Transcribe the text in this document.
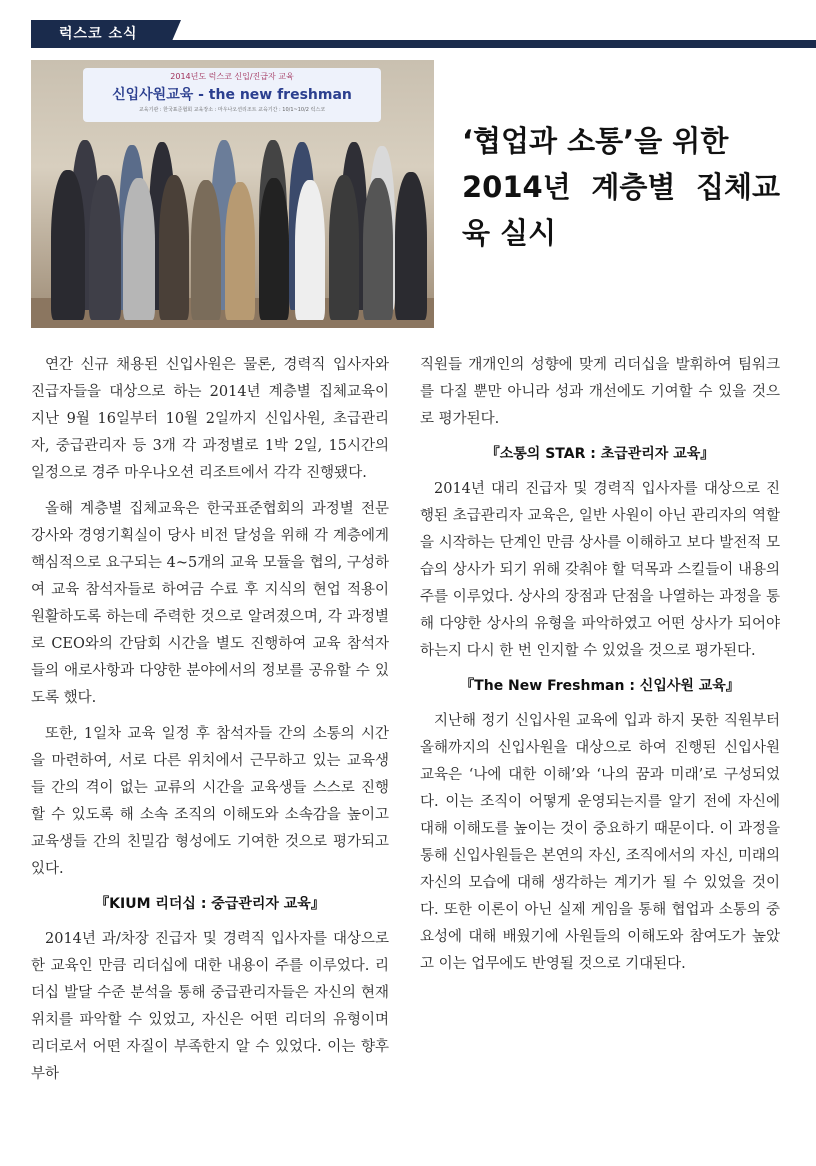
럭스코 소식
2014년도 럭스코 신입/진급자 교육
신입사원교육 - the new freshman
교육기관 : 한국표준협회 교육장소 : 마우나오션리조트 교육기간 : 10/1~10/2 럭스코
‘협업과 소통’을 위한
2014년 계층별 집체교육 실시

연간 신규 채용된 신입사원은 물론, 경력직 입사자와 진급자들을 대상으로 하는 2014년 계층별 집체교육이 지난 9월 16일부터 10월 2일까지 신입사원, 초급관리자, 중급관리자 등 3개 각 과정별로 1박 2일, 15시간의 일정으로 경주 마우나오션 리조트에서 각각 진행됐다.

올해 계층별 집체교육은 한국표준협회의 과정별 전문 강사와 경영기획실이 당사 비전 달성을 위해 각 계층에게 핵심적으로 요구되는 4~5개의 교육 모듈을 협의, 구성하여 교육 참석자들로 하여금 수료 후 지식의 현업 적용이 원활하도록 하는데 주력한 것으로 알려졌으며, 각 과정별로 CEO와의 간담회 시간을 별도 진행하여 교육 참석자들의 애로사항과 다양한 분야에서의 정보를 공유할 수 있도록 했다.

또한, 1일차 교육 일정 후 참석자들 간의 소통의 시간을 마련하여, 서로 다른 위치에서 근무하고 있는 교육생들 간의 격이 없는 교류의 시간을 교육생들 스스로 진행 할 수 있도록 해 소속 조직의 이해도와 소속감을 높이고 교육생들 간의 친밀감 형성에도 기여한 것으로 평가되고 있다.

『KIUM 리더십 : 중급관리자 교육』

2014년 과/차장 진급자 및 경력직 입사자를 대상으로 한 교육인 만큼 리더십에 대한 내용이 주를 이루었다. 리더십 발달 수준 분석을 통해 중급관리자들은 자신의 현재 위치를 파악할 수 있었고, 자신은 어떤 리더의 유형이며 리더로서 어떤 자질이 부족한지 알 수 있었다. 이는 향후 부하

직원들 개개인의 성향에 맞게 리더십을 발휘하여 팀워크를 다질 뿐만 아니라 성과 개선에도 기여할 수 있을 것으로 평가된다.

『소통의 STAR : 초급관리자 교육』

2014년 대리 진급자 및 경력직 입사자를 대상으로 진행된 초급관리자 교육은, 일반 사원이 아닌 관리자의 역할을 시작하는 단계인 만큼 상사를 이해하고 보다 발전적 모습의 상사가 되기 위해 갖춰야 할 덕목과 스킬들이 내용의 주를 이루었다. 상사의 장점과 단점을 나열하는 과정을 통해 다양한 상사의 유형을 파악하였고 어떤 상사가 되어야 하는지 다시 한 번 인지할 수 있었을 것으로 평가된다.

『The New Freshman : 신입사원 교육』

지난해 정기 신입사원 교육에 입과 하지 못한 직원부터 올해까지의 신입사원을 대상으로 하여 진행된 신입사원 교육은 ‘나에 대한 이해’와 ‘나의 꿈과 미래’로 구성되었다. 이는 조직이 어떻게 운영되는지를 알기 전에 자신에 대해 이해도를 높이는 것이 중요하기 때문이다. 이 과정을 통해 신입사원들은 본연의 자신, 조직에서의 자신, 미래의 자신의 모습에 대해 생각하는 계기가 될 수 있었을 것이다. 또한 이론이 아닌 실제 게임을 통해 협업과 소통의 중요성에 대해 배웠기에 사원들의 이해도와 참여도가 높았고 이는 업무에도 반영될 것으로 기대된다.
